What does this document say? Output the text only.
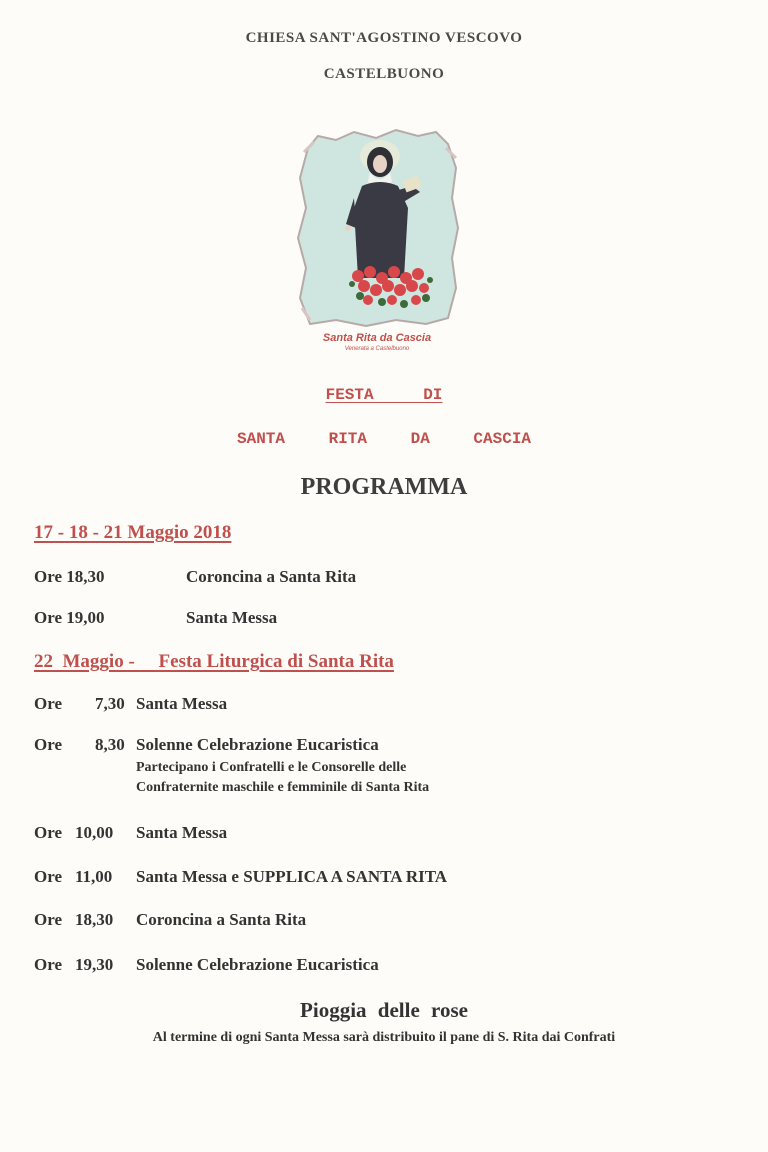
CHIESA SANT'AGOSTINO VESCOVO
CASTELBUONO
Santa Rita da Cascia
Venerata a Castelbuono
FESTA DI
SANTA RITA DA CASCIA
PROGRAMMA
17 - 18 - 21 Maggio 2018
Ore 18,30	Coroncina a Santa Rita
Ore 19,00	Santa Messa
22  Maggio -     Festa Liturgica di Santa Rita
Ore 7,30 Santa Messa
Ore 8,30 Solenne Celebrazione Eucaristica
Partecipano i Confratelli e le Consorelle delle
Confraternite maschile e femminile di Santa Rita
Ore 10,00 Santa Messa
Ore 11,00 Santa Messa e SUPPLICA A SANTA RITA
Ore 18,30 Coroncina a Santa Rita
Ore 19,30 Solenne Celebrazione Eucaristica
Pioggia delle rose
Al termine di ogni Santa Messa sarà distribuito il pane di S. Rita dai Confrati
